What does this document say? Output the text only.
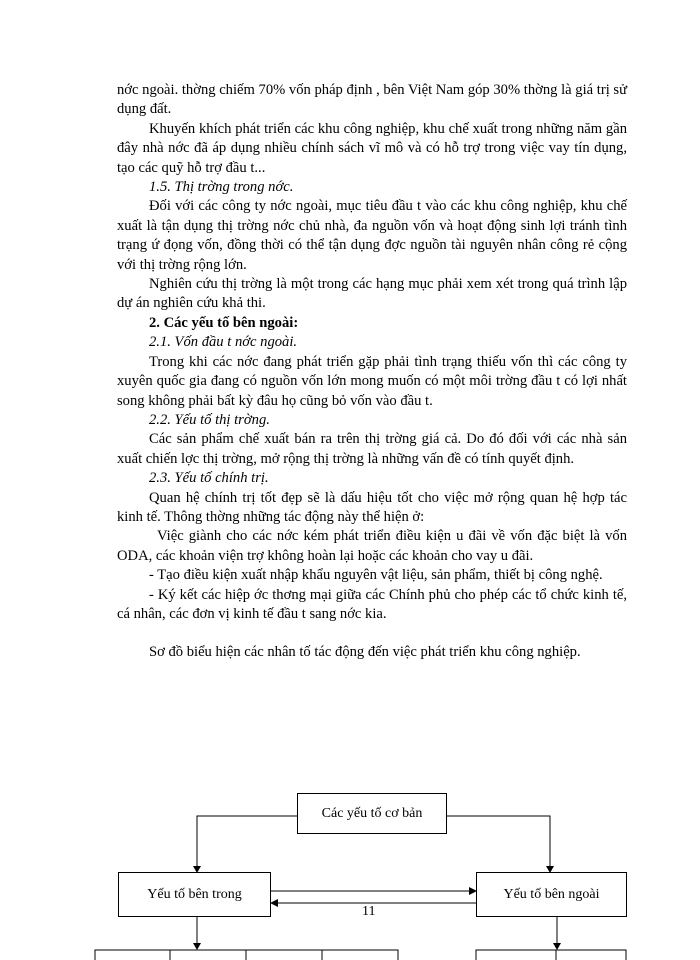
nớc ngoài. thờng chiếm 70% vốn pháp định , bên Việt Nam góp 30% thờng là giá trị sử dụng đất.

Khuyến khích phát triển các khu công nghiệp, khu chế xuất trong những năm gần đây nhà nớc đã áp dụng nhiều chính sách vĩ mô và có hỗ trợ trong việc vay tín dụng, tạo các quỹ hỗ trợ đầu t...

1.5. Thị trờng trong nớc.

Đối với các công ty nớc ngoài, mục tiêu đầu t vào các khu công nghiệp, khu chế xuất là tận dụng thị trờng nớc chủ nhà, đa nguồn vốn và hoạt động sinh lợi tránh tình trạng ứ đọng vốn, đồng thời có thể tận dụng đợc nguồn tài nguyên nhân công rẻ cộng với thị trờng rộng lớn.

Nghiên cứu thị trờng là một trong các hạng mục phải xem xét trong quá trình lập dự án nghiên cứu khả thi.

2. Các yếu tố bên ngoài:

2.1. Vốn đầu t nớc ngoài.

Trong khi các nớc đang phát triển gặp phải tình trạng thiếu vốn thì các công ty xuyên quốc gia đang có nguồn vốn lớn mong muốn có một môi trờng đầu t có lợi nhất song không phải bất kỳ đâu họ cũng bỏ vốn vào đầu t.

2.2. Yếu tố thị trờng.

Các sản phẩm chế xuất bán ra trên thị trờng giá cả. Do đó đối với các nhà sản xuất chiến lợc thị trờng, mở rộng thị trờng là những vấn đề có tính quyết định.

2.3. Yếu tố chính trị.

Quan hệ chính trị tốt đẹp sẽ là dấu hiệu tốt cho việc mở rộng quan hệ hợp tác kinh tế. Thông thờng những tác động này thể hiện ở:

Việc giành cho các nớc kém phát triển điều kiện u đãi về vốn đặc biệt là vốn ODA, các khoản viện trợ không hoàn lại hoặc các khoản cho vay u đãi.

- Tạo điều kiện xuất nhập khẩu nguyên vật liệu, sản phẩm, thiết bị công nghệ.

- Ký kết các hiệp ớc thơng mại giữa các Chính phủ cho phép các tổ chức kinh tế, cá nhân, các đơn vị kinh tế đầu t sang nớc kia.

Sơ đồ biểu hiện các nhân tố tác động đến việc phát triển khu công nghiệp.

Các yếu tố cơ bản
Yếu tố bên trong	Yếu tố bên ngoài
11
